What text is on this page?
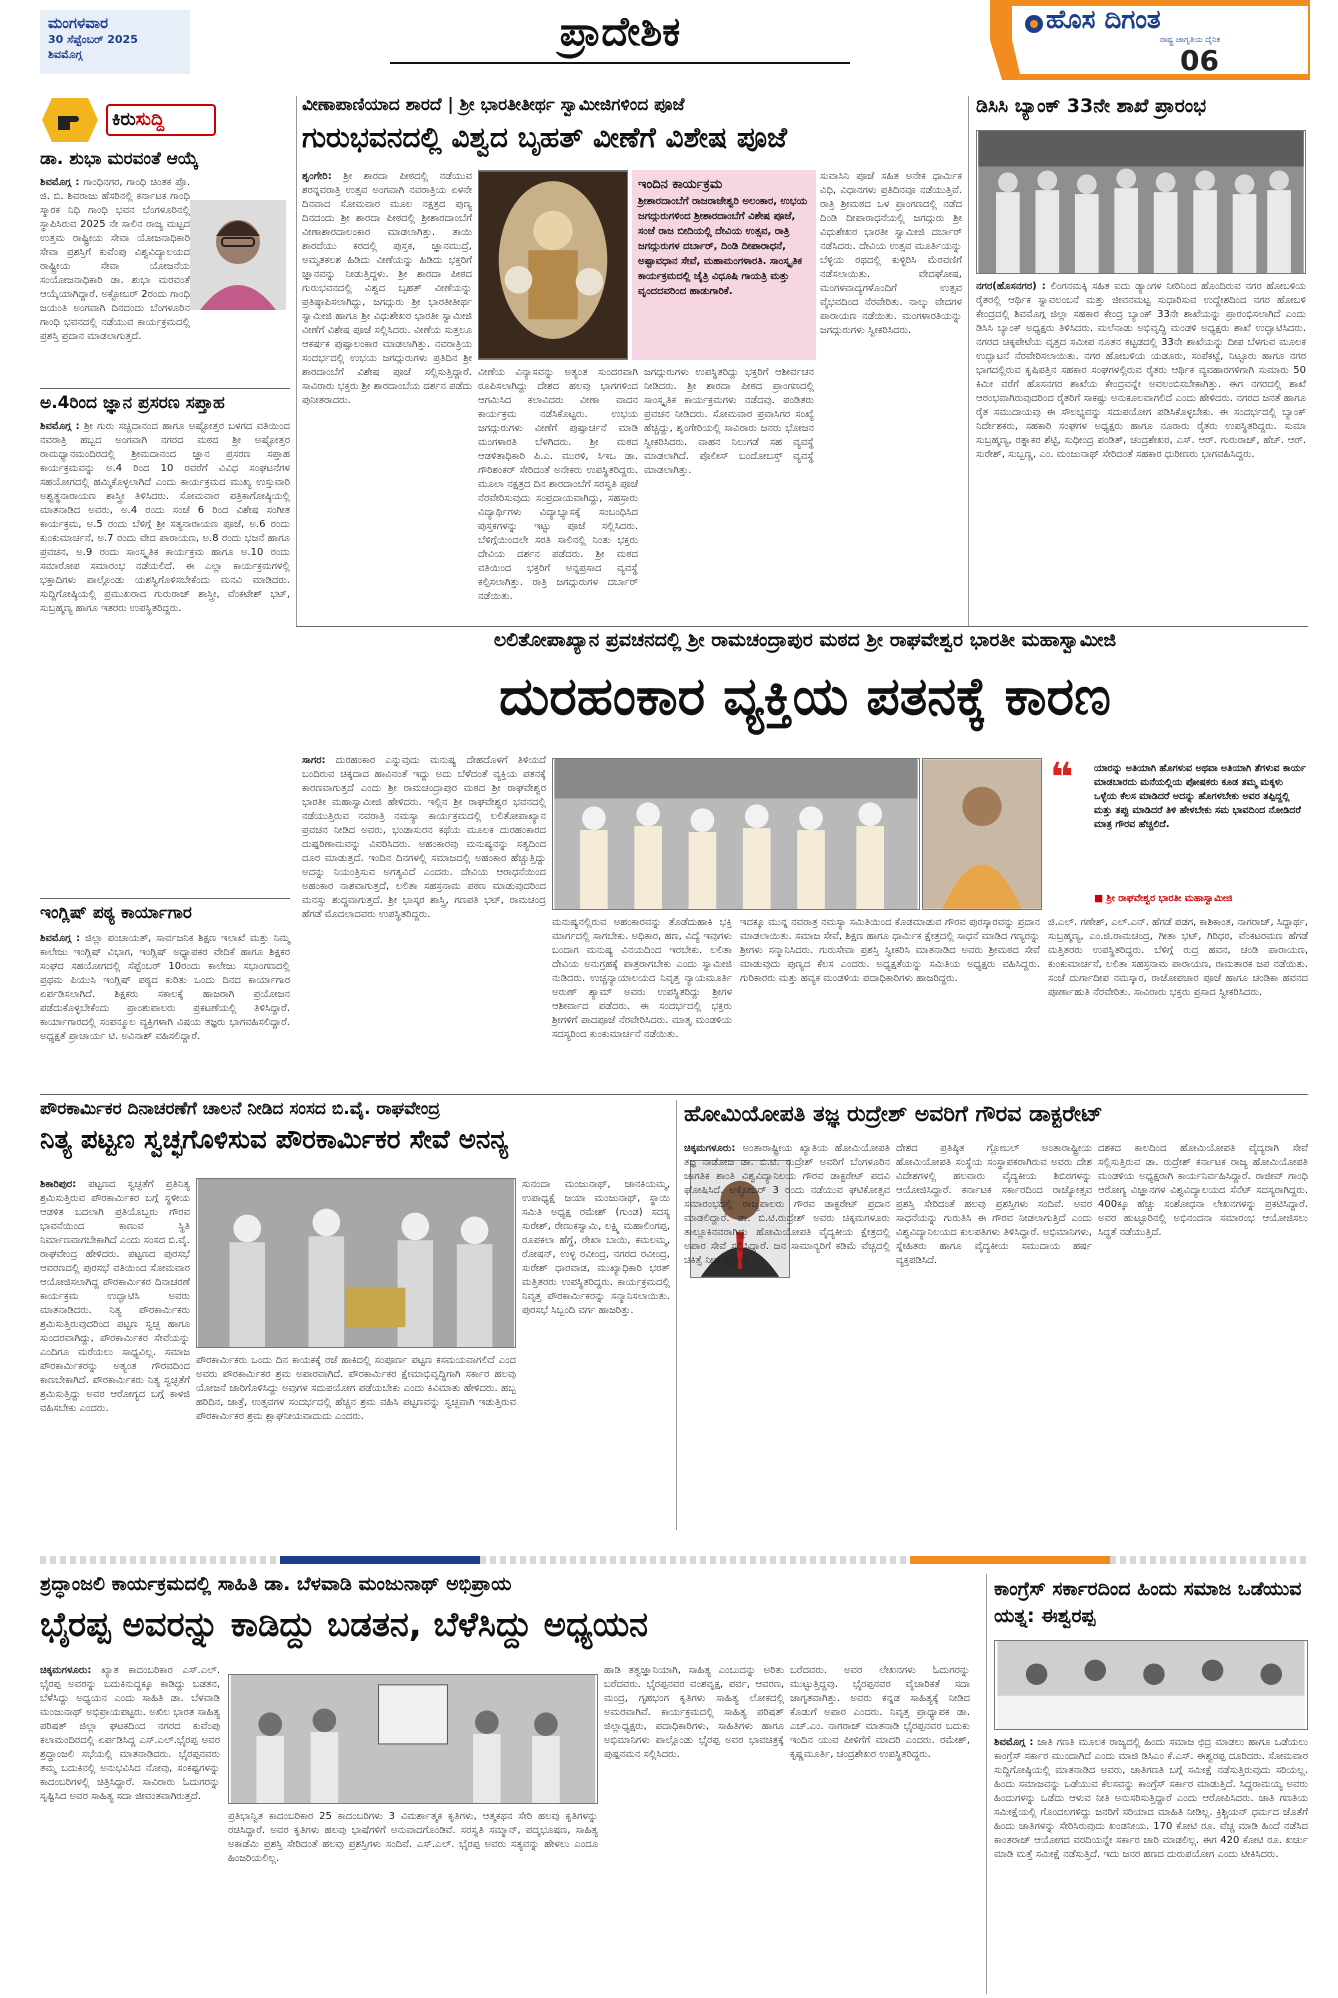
ಮಂಗಳವಾರ
30 ಸೆಪ್ಟೆಂಬರ್ 2025
ಶಿವಮೊಗ್ಗ	ಪ್ರಾದೇಶಿಕ	ಹೊಸ ದಿಗಂತ
ರಾಷ್ಟ್ರ ಜಾಗೃತಿಯ ದೈನಿಕ
06
ಕಿರುಸುದ್ದಿ
ಡಾ. ಶುಭಾ ಮರವಂತೆ ಆಯ್ಕೆ
ಶಿವಮೊಗ್ಗ : ಗಾಂಧಿನಗರ, ಗಾಂಧಿ ಚಿಂತಕ ಪ್ರೊ. ಜಿ. ಬಿ. ಶಿವರಾಜು ಹೆಸರಿನಲ್ಲಿ ಕರ್ನಾಟಕ ಗಾಂಧಿ ಸ್ಮಾರಕ ನಿಧಿ ಗಾಂಧಿ ಭವನ ಬೆಂಗಳೂರಿನಲ್ಲಿ ಸ್ಥಾಪಿಸಿರುವ 2025 ನೇ ಸಾಲಿನ ರಾಜ್ಯ ಮಟ್ಟದ ಉತ್ತಮ ರಾಷ್ಟ್ರೀಯ ಸೇವಾ ಯೋಜನಾಧಿಕಾರಿ ಸೇವಾ ಪ್ರಶಸ್ತಿಗೆ ಕುವೆಂಪು ವಿಶ್ವವಿದ್ಯಾಲಯದ ರಾಷ್ಟ್ರೀಯ ಸೇವಾ ಯೋಜನೆಯ ಸಂಯೋಜನಾಧಿಕಾರಿ ಡಾ. ಶುಭಾ ಮರವಂತೆ ಆಯ್ಕೆಯಾಗಿದ್ದಾರೆ. ಅಕ್ಟೋಬರ್ 2ರಂದು ಗಾಂಧಿ ಜಯಂತಿ ಅಂಗವಾಗಿ ದಿನದಂದು ಬೆಂಗಳೂರಿನ ಗಾಂಧಿ ಭವನದಲ್ಲಿ ನಡೆಯುವ ಕಾರ್ಯಕ್ರಮದಲ್ಲಿ ಪ್ರಶಸ್ತಿ ಪ್ರದಾನ ಮಾಡಲಾಗುತ್ತದೆ.
ಅ.4ರಿಂದ ಜ್ಞಾನ ಪ್ರಸರಣ ಸಪ್ತಾಹ
ಶಿವಮೊಗ್ಗ : ಶ್ರೀ ಗುರು ಸಚ್ಚಿದಾನಂದ ಹಾಗೂ ಅಷ್ಟೋತ್ತರ ಬಳಗದ ವತಿಯಿಂದ ನವರಾತ್ರಿ ಹಬ್ಬದ ಅಂಗವಾಗಿ ನಗರದ ಮಠದ ಶ್ರೀ ಅಷ್ಟೋತ್ತರ ರಾಮಧ್ಯಾನಮಂದಿರದಲ್ಲಿ ಶ್ರೀಮದಾನಂದ ಜ್ಞಾನ ಪ್ರಸರಣ ಸಪ್ತಾಹ ಕಾರ್ಯಕ್ರಮವನ್ನು ಅ.4 ರಿಂದ 10 ರವರೆಗೆ ವಿವಿಧ ಸಂಘಟನೆಗಳ ಸಹಯೋಗದಲ್ಲಿ ಹಮ್ಮಿಕೊಳ್ಳಲಾಗಿದೆ ಎಂದು ಕಾರ್ಯಕ್ರಮದ ಮುಖ್ಯ ಉಸ್ತುವಾರಿ ಅಶ್ವತ್ಥನಾರಾಯಣ ಶಾಸ್ತ್ರೀ ತಿಳಿಸಿದರು. ಸೋಮವಾರ ಪತ್ರಿಕಾಗೋಷ್ಠಿಯಲ್ಲಿ ಮಾತನಾಡಿದ ಅವರು, ಅ.4 ರಂದು ಸಂಜೆ 6 ರಿಂದ ವಿಶೇಷ ಸಂಗೀತ ಕಾರ್ಯಕ್ರಮ, ಅ.5 ರಂದು ಬೆಳಿಗ್ಗೆ ಶ್ರೀ ಸತ್ಯನಾರಾಯಣ ಪೂಜೆ, ಅ.6 ರಂದು ಕುಂಕುಮಾರ್ಚನೆ, ಅ.7 ರಂದು ವೇದ ಪಾರಾಯಣ, ಅ.8 ರಂದು ಭಜನೆ ಹಾಗೂ ಪ್ರವಚನ, ಅ.9 ರಂದು ಸಾಂಸ್ಕೃತಿಕ ಕಾರ್ಯಕ್ರಮ ಹಾಗೂ ಅ.10 ರಂದು ಸಮಾರೋಪ ಸಮಾರಂಭ ನಡೆಯಲಿದೆ. ಈ ಎಲ್ಲಾ ಕಾರ್ಯಕ್ರಮಗಳಲ್ಲಿ ಭಕ್ತಾದಿಗಳು ಪಾಲ್ಗೊಂಡು ಯಶಸ್ವಿಗೊಳಿಸಬೇಕೆಂದು ಮನವಿ ಮಾಡಿದರು. ಸುದ್ದಿಗೋಷ್ಠಿಯಲ್ಲಿ ಪ್ರಮುಖರಾದ ಗುರುರಾಜ್ ಶಾಸ್ತ್ರೀ, ವೆಂಕಟೇಶ್ ಭಟ್, ಸುಬ್ರಹ್ಮಣ್ಯ ಹಾಗೂ ಇತರರು ಉಪಸ್ಥಿತರಿದ್ದರು.
ಇಂಗ್ಲಿಷ್ ಪಠ್ಯ ಕಾರ್ಯಾಗಾರ
ಶಿವಮೊಗ್ಗ : ಜಿಲ್ಲಾ ಪಂಚಾಯತ್, ಸಾರ್ವಜನಿಕ ಶಿಕ್ಷಣ ಇಲಾಖೆ ಮತ್ತು ನಿಮ್ಮ ಕಾಲೇಜು ಇಂಗ್ಲಿಷ್ ವಿಭಾಗ, ಇಂಗ್ಲಿಷ್ ಅಧ್ಯಾಪಕರ ವೇದಿಕೆ ಹಾಗೂ ಶಿಕ್ಷಕರ ಸಂಘದ ಸಹಯೋಗದಲ್ಲಿ ಸೆಪ್ಟೆಂಬರ್ 10ರಂದು ಕಾಲೇಜು ಸಭಾಂಗಣದಲ್ಲಿ ಪ್ರಥಮ ಪಿಯುಸಿ ಇಂಗ್ಲಿಷ್ ಪಠ್ಯದ ಕುರಿತು ಒಂದು ದಿನದ ಕಾರ್ಯಾಗಾರ ಏರ್ಪಡಿಸಲಾಗಿದೆ. ಶಿಕ್ಷಕರು ಸಕಾಲಕ್ಕೆ ಹಾಜರಾಗಿ ಪ್ರಯೋಜನ ಪಡೆದುಕೊಳ್ಳಬೇಕೆಂದು ಪ್ರಾಂಶುಪಾಲರು ಪ್ರಕಟಣೆಯಲ್ಲಿ ತಿಳಿಸಿದ್ದಾರೆ. ಕಾರ್ಯಾಗಾರದಲ್ಲಿ ಸಂಪನ್ಮೂಲ ವ್ಯಕ್ತಿಗಳಾಗಿ ವಿಷಯ ತಜ್ಞರು ಭಾಗವಹಿಸಲಿದ್ದಾರೆ. ಅಧ್ಯಕ್ಷತೆ ಪ್ರಾಚಾರ್ಯ ಟಿ. ಅವಿನಾಶ್ ವಹಿಸಲಿದ್ದಾರೆ.
ವೀಣಾಪಾಣಿಯಾದ ಶಾರದೆ | ಶ್ರೀ ಭಾರತೀತೀರ್ಥ ಸ್ವಾಮೀಜಿಗಳಿಂದ ಪೂಜೆ
ಗುರುಭವನದಲ್ಲಿ ವಿಶ್ವದ ಬೃಹತ್ ವೀಣೆಗೆ ವಿಶೇಷ ಪೂಜೆ
ಶೃಂಗೇರಿ: ಶ್ರೀ ಶಾರದಾ ಪೀಠದಲ್ಲಿ ನಡೆಯುವ ಶರನ್ನವರಾತ್ರಿ ಉತ್ಸವ ಅಂಗವಾಗಿ ನವರಾತ್ರಿಯ ಏಳನೇ ದಿನವಾದ ಸೋಮವಾರ ಮೂಲ ನಕ್ಷತ್ರದ ಪುಣ್ಯ ದಿನದಂದು ಶ್ರೀ ಶಾರದಾ ಪೀಠದಲ್ಲಿ ಶ್ರೀಶಾರದಾಂಬೆಗೆ ವೀಣಾಶಾರದಾಲಂಕಾರ ಮಾಡಲಾಗಿತ್ತು. ತಾಯಿ ಶಾರದೆಯು ಕರದಲ್ಲಿ ಪುಸ್ತಕ, ಜ್ಞಾನಮುದ್ರೆ, ಅಮೃತಕಲಶ ಹಿಡಿದು ವೀಣೆಯನ್ನು ಹಿಡಿದು ಭಕ್ತರಿಗೆ ಜ್ಞಾನವನ್ನು ನೀಡುತ್ತಿದ್ದಳು. ಶ್ರೀ ಶಾರದಾ ಪೀಠದ ಗುರುಭವನದಲ್ಲಿ ವಿಶ್ವದ ಬೃಹತ್ ವೀಣೆಯನ್ನು ಪ್ರತಿಷ್ಠಾಪಿಸಲಾಗಿದ್ದು, ಜಗದ್ಗುರು ಶ್ರೀ ಭಾರತೀತೀರ್ಥ ಸ್ವಾಮೀಜಿ ಹಾಗೂ ಶ್ರೀ ವಿಧುಶೇಖರ ಭಾರತೀ ಸ್ವಾಮೀಜಿ ವೀಣೆಗೆ ವಿಶೇಷ ಪೂಜೆ ಸಲ್ಲಿಸಿದರು. ವೀಣೆಯ ಸುತ್ತಲೂ ಆಕರ್ಷಕ ಪುಷ್ಪಾಲಂಕಾರ ಮಾಡಲಾಗಿತ್ತು. ನವರಾತ್ರಿಯ ಸಂದರ್ಭದಲ್ಲಿ ಉಭಯ ಜಗದ್ಗುರುಗಳು ಪ್ರತಿದಿನ ಶ್ರೀ ಶಾರದಾಂಬೆಗೆ ವಿಶೇಷ ಪೂಜೆ ಸಲ್ಲಿಸುತ್ತಿದ್ದಾರೆ. ಸಾವಿರಾರು ಭಕ್ತರು ಶ್ರೀ ಶಾರದಾಂಬೆಯ ದರ್ಶನ ಪಡೆದು ಪುನೀತರಾದರು.
ಇಂದಿನ ಕಾರ್ಯಕ್ರಮ
ಶ್ರೀಶಾರದಾಂಬೆಗೆ ರಾಜರಾಜೇಶ್ವರಿ ಅಲಂಕಾರ, ಉಭಯ ಜಗದ್ಗುರುಗಳಿಂದ ಶ್ರೀಶಾರದಾಂಬೆಗೆ ವಿಶೇಷ ಪೂಜೆ, ಸಂಜೆ ರಾಜ ಬೀದಿಯಲ್ಲಿ ದೇವಿಯ ಉತ್ಸವ, ರಾತ್ರಿ ಜಗದ್ಗುರುಗಳ ದರ್ಬಾರ್, ದಿಂಡಿ ದೀಪಾರಾಧನೆ, ಅಷ್ಟಾವಧಾನ ಸೇವೆ, ಮಹಾಮಂಗಳಾರತಿ. ಸಾಂಸ್ಕೃತಿಕ ಕಾರ್ಯಕ್ರಮದಲ್ಲಿ ಚೈತ್ರಿ ವಿಧೂಷಿ ಗಾಯತ್ರಿ ಮತ್ತು ವೃಂದದವರಿಂದ ಹಾಡುಗಾರಿಕೆ.
ವೀಣೆಯ ವಿನ್ಯಾಸವನ್ನು ಅತ್ಯಂತ ಸುಂದರವಾಗಿ ರೂಪಿಸಲಾಗಿದ್ದು ದೇಶದ ಹಲವು ಭಾಗಗಳಿಂದ ಆಗಮಿಸಿದ ಕಲಾವಿದರು ವೀಣಾ ವಾದನ ಕಾರ್ಯಕ್ರಮ ನಡೆಸಿಕೊಟ್ಟರು. ಉಭಯ ಜಗದ್ಗುರುಗಳು ವೀಣೆಗೆ ಪುಷ್ಪಾರ್ಚನೆ ಮಾಡಿ ಮಂಗಳಾರತಿ ಬೆಳಗಿದರು. ಶ್ರೀ ಮಠದ ಆಡಳಿತಾಧಿಕಾರಿ ಪಿ.ಎ. ಮುರಳಿ, ಸಿಇಒ ಡಾ. ಗೌರಿಶಂಕರ್ ಸೇರಿದಂತೆ ಅನೇಕರು ಉಪಸ್ಥಿತರಿದ್ದರು. ಮೂಲಾ ನಕ್ಷತ್ರದ ದಿನ ಶಾರದಾಂಬೆಗೆ ಸರಸ್ವತಿ ಪೂಜೆ ನೆರವೇರಿಸುವುದು ಸಂಪ್ರದಾಯವಾಗಿದ್ದು, ಸಹಸ್ರಾರು ವಿದ್ಯಾರ್ಥಿಗಳು ವಿದ್ಯಾಭ್ಯಾಸಕ್ಕೆ ಸಂಬಂಧಿಸಿದ ಪುಸ್ತಕಗಳನ್ನು ಇಟ್ಟು ಪೂಜೆ ಸಲ್ಲಿಸಿದರು. ಬೆಳಿಗ್ಗೆಯಿಂದಲೇ ಸರತಿ ಸಾಲಿನಲ್ಲಿ ನಿಂತು ಭಕ್ತರು ದೇವಿಯ ದರ್ಶನ ಪಡೆದರು. ಶ್ರೀ ಮಠದ ವತಿಯಿಂದ ಭಕ್ತರಿಗೆ ಅನ್ನಪ್ರಸಾದ ವ್ಯವಸ್ಥೆ ಕಲ್ಪಿಸಲಾಗಿತ್ತು. ರಾತ್ರಿ ಜಗದ್ಗುರುಗಳ ದರ್ಬಾರ್ ನಡೆಯಿತು.
ಸುವಾಸಿನಿ ಪೂಜೆ ಸಹಿತ ಅನೇಕ ಧಾರ್ಮಿಕ ವಿಧಿ, ವಿಧಾನಗಳು ಪ್ರತಿದಿನವೂ ನಡೆಯುತ್ತಿವೆ. ರಾತ್ರಿ ಶ್ರೀಮಠದ ಒಳ ಪ್ರಾಂಗಣದಲ್ಲಿ ನಡೆದ ದಿಂಡಿ ದೀಪಾರಾಧನೆಯಲ್ಲಿ ಜಗದ್ಗುರು ಶ್ರೀ ವಿಧುಶೇಖರ ಭಾರತೀ ಸ್ವಾಮೀಜಿ ದರ್ಬಾರ್ ನಡೆಸಿದರು. ದೇವಿಯ ಉತ್ಸವ ಮೂರ್ತಿಯನ್ನು ಬೆಳ್ಳಿಯ ರಥದಲ್ಲಿ ಕುಳ್ಳಿರಿಸಿ ಮೆರವಣಿಗೆ ನಡೆಸಲಾಯಿತು. ವೇದಘೋಷ, ಮಂಗಳವಾದ್ಯಗಳೊಂದಿಗೆ ಉತ್ಸವ ವೈಭವದಿಂದ ನೆರವೇರಿತು. ನಾಲ್ಕು ವೇದಗಳ ಪಾರಾಯಣ ನಡೆಯಿತು. ಮಂಗಳಾರತಿಯನ್ನು ಜಗದ್ಗುರುಗಳು ಸ್ವೀಕರಿಸಿದರು.
ಜಗದ್ಗುರುಗಳು ಉಪಸ್ಥಿತರಿದ್ದು ಭಕ್ತರಿಗೆ ಆಶೀರ್ವಚನ ನೀಡಿದರು. ಶ್ರೀ ಶಾರದಾ ಪೀಠದ ಪ್ರಾಂಗಣದಲ್ಲಿ ಸಾಂಸ್ಕೃತಿಕ ಕಾರ್ಯಕ್ರಮಗಳು ನಡೆದವು. ಪಂಡಿತರು ಪ್ರವಚನ ನೀಡಿದರು. ಸೋಮವಾರ ಪ್ರವಾಸಿಗರ ಸಂಖ್ಯೆ ಹೆಚ್ಚಿದ್ದು, ಶೃಂಗೇರಿಯಲ್ಲಿ ಸಾವಿರಾರು ಜನರು ಭೋಜನ ಸ್ವೀಕರಿಸಿದರು. ವಾಹನ ನಿಲುಗಡೆ ಸಹ ವ್ಯವಸ್ಥೆ ಮಾಡಲಾಗಿದೆ. ಪೊಲೀಸ್ ಬಂದೋಬಸ್ತ್ ವ್ಯವಸ್ಥೆ ಮಾಡಲಾಗಿತ್ತು.
ಡಿಸಿಸಿ ಬ್ಯಾಂಕ್ 33ನೇ ಶಾಖೆ ಪ್ರಾರಂಭ
ನಗರ(ಹೊಸನಗರ) : ಲಿಂಗನಮಕ್ಕಿ ಸಹಿತ ಐದು ಡ್ಯಾಂಗಳ ನೀರಿನಿಂದ ಹೊಂದಿರುವ ನಗರ ಹೋಬಳಿಯ ರೈತರಲ್ಲಿ ಆರ್ಥಿಕ ಸ್ವಾವಲಂಬನೆ ಮತ್ತು ಜೀವನಮಟ್ಟ ಸುಧಾರಿಸುವ ಉದ್ದೇಶದಿಂದ ನಗರ ಹೋಬಳಿ ಕೇಂದ್ರದಲ್ಲಿ ಶಿವಮೊಗ್ಗ ಜಿಲ್ಲಾ ಸಹಕಾರ ಕೇಂದ್ರ ಬ್ಯಾಂಕ್ 33ನೇ ಶಾಖೆಯನ್ನು ಪ್ರಾರಂಭಿಸಲಾಗಿದೆ ಎಂದು ಡಿಸಿಸಿ ಬ್ಯಾಂಕ್ ಅಧ್ಯಕ್ಷರು ತಿಳಿಸಿದರು. ಮಲೆನಾಡು ಅಭಿವೃದ್ಧಿ ಮಂಡಳಿ ಅಧ್ಯಕ್ಷರು ಶಾಖೆ ಉದ್ಘಾಟಿಸಿದರು. ನಗರದ ಚಿಕ್ಕಪೇಟೆಯ ವೃತ್ತದ ಸಮೀಪ ನೂತನ ಕಟ್ಟಡದಲ್ಲಿ 33ನೇ ಶಾಖೆಯನ್ನು ದೀಪ ಬೆಳಗುವ ಮೂಲಕ ಉದ್ಘಾಟನೆ ನೆರವೇರಿಸಲಾಯಿತು. ನಗರ ಹೋಬಳಿಯ ಯಡೂರು, ಸಂಪೆಕಟ್ಟೆ, ನಿಟ್ಟೂರು ಹಾಗೂ ನಗರ ಭಾಗದಲ್ಲಿರುವ ಕೃಷಿಪತ್ತಿನ ಸಹಕಾರ ಸಂಘಗಳಲ್ಲಿರುವ ರೈತರು ಆರ್ಥಿಕ ವ್ಯವಹಾರಗಳಿಗಾಗಿ ಸುಮಾರು 50 ಕಿಮೀ ವರೆಗೆ ಹೊಸನಗರ ಶಾಖೆಯ ಕೇಂದ್ರವನ್ನೇ ಅವಲಂಬಿಸಬೇಕಾಗಿತ್ತು. ಈಗ ನಗರದಲ್ಲಿ ಶಾಖೆ ಆರಂಭವಾಗಿರುವುದರಿಂದ ರೈತರಿಗೆ ಸಾಕಷ್ಟು ಅನುಕೂಲವಾಗಲಿದೆ ಎಂದು ಹೇಳಿದರು. ನಗರದ ಜನತೆ ಹಾಗೂ ರೈತ ಸಮುದಾಯವು ಈ ಸೌಲಭ್ಯವನ್ನು ಸದುಪಯೋಗ ಪಡಿಸಿಕೊಳ್ಳಬೇಕು. ಈ ಸಂದರ್ಭದಲ್ಲಿ ಬ್ಯಾಂಕ್ ನಿರ್ದೇಶಕರು, ಸಹಕಾರಿ ಸಂಘಗಳ ಅಧ್ಯಕ್ಷರು ಹಾಗೂ ನೂರಾರು ರೈತರು ಉಪಸ್ಥಿತರಿದ್ದರು. ಸುಮಾ ಸುಬ್ರಹ್ಮಣ್ಯ, ರತ್ನಾಕರ ಶೆಟ್ಟಿ, ಸುಧೀಂದ್ರ ಪಂಡಿತ್, ಚಂದ್ರಶೇಖರ, ಎಸ್. ಆರ್. ಗುರುರಾಜ್, ಹೆಚ್. ಆರ್. ಸುರೇಶ್, ಸುಬ್ಬಣ್ಣ, ಎಂ. ಮಂಜುನಾಥ್ ಸೇರಿದಂತೆ ಸಹಕಾರ ಧುರೀಣರು ಭಾಗವಹಿಸಿದ್ದರು.
ಲಲಿತೋಪಾಖ್ಯಾನ ಪ್ರವಚನದಲ್ಲಿ ಶ್ರೀ ರಾಮಚಂದ್ರಾಪುರ ಮಠದ ಶ್ರೀ ರಾಘವೇಶ್ವರ ಭಾರತೀ ಮಹಾಸ್ವಾಮೀಜಿ
ದುರಹಂಕಾರ ವ್ಯಕ್ತಿಯ ಪತನಕ್ಕೆ ಕಾರಣ
ಸಾಗರ: ದುರಹಂಕಾರ ಎನ್ನುವುದು ಮನುಷ್ಯ ದೇಹದೊಳಗೆ ತಿಳಿಯದೆ ಬಂದಿರುವ ಚಿಕ್ಕದಾದ ಹಾವಿನಂತೆ ಇದ್ದು ಅದು ಬೆಳೆದಂತೆ ವ್ಯಕ್ತಿಯ ಪತನಕ್ಕೆ ಕಾರಣವಾಗುತ್ತದೆ ಎಂದು ಶ್ರೀ ರಾಮಚಂದ್ರಾಪುರ ಮಠದ ಶ್ರೀ ರಾಘವೇಶ್ವರ ಭಾರತೀ ಮಹಾಸ್ವಾಮೀಜಿ ಹೇಳಿದರು. ಇಲ್ಲಿನ ಶ್ರೀ ರಾಘವೇಶ್ವರ ಭವನದಲ್ಲಿ ನಡೆಯುತ್ತಿರುವ ನವರಾತ್ರಿ ನಮಸ್ಯಾ ಕಾರ್ಯಕ್ರಮದಲ್ಲಿ ಲಲಿತೋಪಾಖ್ಯಾನ ಪ್ರವಚನ ನೀಡಿದ ಅವರು, ಭಂಡಾಸುರನ ಕಥೆಯ ಮೂಲಕ ದುರಹಂಕಾರದ ದುಷ್ಪರಿಣಾಮವನ್ನು ವಿವರಿಸಿದರು. ಅಹಂಕಾರವು ಮನುಷ್ಯನನ್ನು ಸತ್ಯದಿಂದ ದೂರ ಮಾಡುತ್ತದೆ. ಇಂದಿನ ದಿನಗಳಲ್ಲಿ ಸಮಾಜದಲ್ಲಿ ಅಹಂಕಾರ ಹೆಚ್ಚುತ್ತಿದ್ದು ಅದನ್ನು ನಿಯಂತ್ರಿಸುವ ಅಗತ್ಯವಿದೆ ಎಂದರು. ದೇವಿಯ ಆರಾಧನೆಯಿಂದ ಅಹಂಕಾರ ನಾಶವಾಗುತ್ತದೆ, ಲಲಿತಾ ಸಹಸ್ರನಾಮ ಪಠಣ ಮಾಡುವುದರಿಂದ ಮನಸ್ಸು ಶುದ್ಧವಾಗುತ್ತದೆ. ಶ್ರೀ ಭಾಸ್ಕರ ಶಾಸ್ತ್ರಿ, ಗಣಪತಿ ಭಟ್, ರಾಮಚಂದ್ರ ಹೆಗಡೆ ಮೊದಲಾದವರು ಉಪಸ್ಥಿತರಿದ್ದರು.
❝ ಯಾರನ್ನು ಅತಿಯಾಗಿ ಹೊಗಳುವ ಅಥವಾ ಅತಿಯಾಗಿ ತೆಗಳುವ ಕಾರ್ಯ ಮಾಡಬಾರದು ಮನೆಯಲ್ಲಿಯ ಪೋಷಕರು ಕೂಡ ತಮ್ಮ ಮಕ್ಕಳು ಒಳ್ಳೆಯ ಕೆಲಸ ಮಾಡಿದರೆ ಅದನ್ನು ಹೊಗಳಬೇಕು ಅವರ ತಪ್ಪಿದ್ದಲ್ಲಿ ಮತ್ತು ತಪ್ಪು ಮಾಡಿದರೆ ತಿಳಿ ಹೇಳಬೇಕು ಸಮ ಭಾವದಿಂದ ನೋಡಿದರೆ ಮಾತ್ರ ಗೌರವ ಹೆಚ್ಚಲಿದೆ.
■ ಶ್ರೀ ರಾಘವೇಶ್ವರ ಭಾರತೀ ಮಹಾಸ್ವಾಮೀಜಿ
ಮನುಷ್ಯನಲ್ಲಿರುವ ಅಹಂಕಾರವನ್ನು ತೊಡೆದುಹಾಕಿ ಭಕ್ತಿ ಮಾರ್ಗದಲ್ಲಿ ಸಾಗಬೇಕು. ಅಧಿಕಾರ, ಹಣ, ವಿದ್ಯೆ ಇವುಗಳು ಬಂದಾಗ ಮನುಷ್ಯ ವಿನಯದಿಂದ ಇರಬೇಕು. ಲಲಿತಾ ದೇವಿಯ ಅನುಗ್ರಹಕ್ಕೆ ಪಾತ್ರರಾಗಬೇಕು ಎಂದು ಸ್ವಾಮೀಜಿ ನುಡಿದರು. ಉಚ್ಚನ್ಯಾಯಾಲಯದ ನಿವೃತ್ತ ನ್ಯಾಯಮೂರ್ತಿ ಅರುಣ್ ಶ್ಯಾಮ್ ಅವರು ಉಪಸ್ಥಿತರಿದ್ದು ಶ್ರೀಗಳ ಆಶೀರ್ವಾದ ಪಡೆದರು. ಈ ಸಂದರ್ಭದಲ್ಲಿ ಭಕ್ತರು ಶ್ರೀಗಳಿಗೆ ಪಾದಪೂಜೆ ನೆರವೇರಿಸಿದರು. ಮಾತೃ ಮಂಡಳಿಯ ಸದಸ್ಯರಿಂದ ಕುಂಕುಮಾರ್ಚನೆ ನಡೆಯಿತು.
ಇದಕ್ಕೂ ಮುನ್ನ ನವರಾತ್ರ ನಮಸ್ಯಾ ಸಮಿತಿಯಿಂದ ಕೊಡಮಾಡುವ ಗೌರವ ಪುರಸ್ಕಾರವನ್ನು ಪ್ರದಾನ ಮಾಡಲಾಯಿತು. ಸಮಾಜ ಸೇವೆ, ಶಿಕ್ಷಣ ಹಾಗೂ ಧಾರ್ಮಿಕ ಕ್ಷೇತ್ರದಲ್ಲಿ ಸಾಧನೆ ಮಾಡಿದ ಗಣ್ಯರನ್ನು ಶ್ರೀಗಳು ಸನ್ಮಾನಿಸಿದರು. ಗುರುಸೇವಾ ಪ್ರಶಸ್ತಿ ಸ್ವೀಕರಿಸಿ ಮಾತನಾಡಿದ ಅವರು ಶ್ರೀಮಠದ ಸೇವೆ ಮಾಡುವುದು ಪುಣ್ಯದ ಕೆಲಸ ಎಂದರು. ಅಧ್ಯಕ್ಷತೆಯನ್ನು ಸಮಿತಿಯ ಅಧ್ಯಕ್ಷರು ವಹಿಸಿದ್ದರು. ಗುರಿಕಾರರು ಮತ್ತು ಹವ್ಯಕ ಮಂಡಳಿಯ ಪದಾಧಿಕಾರಿಗಳು ಹಾಜರಿದ್ದರು.
ಜಿ.ಎಲ್. ಗಣೇಶ್, ಎಲ್.ಎನ್. ಹೆಗಡೆ ಪಡಗ, ಕಾಶಿಕಾಂತ, ನಾಗರಾಜ್, ಸಿದ್ದಾರ್ಥ, ಸುಬ್ರಹ್ಮಣ್ಯ, ಎಂ.ಜಿ.ರಾಮಚಂದ್ರ, ಗೀತಾ ಭಟ್, ಗಿರಿಧರ, ವೆಂಕಟರಮಣ ಹೆಗಡೆ ಮತ್ತಿತರರು ಉಪಸ್ಥಿತರಿದ್ದರು. ಬೆಳಿಗ್ಗೆ ರುದ್ರ ಹವನ, ಚಂಡಿ ಪಾರಾಯಣ, ಕುಂಕುಮಾರ್ಚನೆ, ಲಲಿತಾ ಸಹಸ್ರನಾಮ ಪಾರಾಯಣ, ರಾಮತಾರಕ ಜಪ ನಡೆಯಿತು. ಸಂಜೆ ದುರ್ಗಾದೀಪ ನಮಸ್ಕಾರ, ರಾಜೋಪಚಾರ ಪೂಜೆ ಹಾಗೂ ಚಂಡಿಕಾ ಹವನದ ಪೂರ್ಣಾಹುತಿ ನೆರವೇರಿತು. ಸಾವಿರಾರು ಭಕ್ತರು ಪ್ರಸಾದ ಸ್ವೀಕರಿಸಿದರು.
ಪೌರಕಾರ್ಮಿಕರ ದಿನಾಚರಣೆಗೆ ಚಾಲನೆ ನೀಡಿದ ಸಂಸದ ಬಿ.ವೈ. ರಾಘವೇಂದ್ರ
ನಿತ್ಯ ಪಟ್ಟಣ ಸ್ವಚ್ಛಗೊಳಿಸುವ ಪೌರಕಾರ್ಮಿಕರ ಸೇವೆ ಅನನ್ಯ
ಶಿಕಾರಿಪುರ: ಪಟ್ಟಣದ ಸ್ವಚ್ಛತೆಗೆ ಪ್ರತಿನಿತ್ಯ ಶ್ರಮಿಸುತ್ತಿರುವ ಪೌರಕಾರ್ಮಿಕರ ಬಗ್ಗೆ ಸ್ಥಳೀಯ ಆಡಳಿತ ಬದಲಾಗಿ ಪ್ರತಿಯೊಬ್ಬರು ಗೌರವ ಭಾವನೆಯಿಂದ ಕಾಣುವ ಸ್ಥಿತಿ ನಿರ್ಮಾಣವಾಗಬೇಕಾಗಿದೆ ಎಂದು ಸಂಸದ ಬಿ.ವೈ. ರಾಘವೇಂದ್ರ ಹೇಳಿದರು. ಪಟ್ಟಣದ ಪುರಸಭೆ ಆವರಣದಲ್ಲಿ ಪುರಸಭೆ ವತಿಯಿಂದ ಸೋಮವಾರ ಆಯೋಜಿಸಲಾಗಿದ್ದ ಪೌರಕಾರ್ಮಿಕರ ದಿನಾಚರಣೆ ಕಾರ್ಯಕ್ರಮ ಉದ್ಘಾಟಿಸಿ ಅವರು ಮಾತನಾಡಿದರು. ನಿತ್ಯ ಪೌರಕಾರ್ಮಿಕರು ಶ್ರಮಿಸುತ್ತಿರುವುದರಿಂದ ಪಟ್ಟಣ ಸ್ವಚ್ಛ ಹಾಗೂ ಸುಂದರವಾಗಿದ್ದು, ಪೌರಕಾರ್ಮಿಕರ ಸೇವೆಯನ್ನು ಎಂದಿಗೂ ಮರೆಯಲು ಸಾಧ್ಯವಿಲ್ಲ. ಸಮಾಜ ಪೌರಕಾರ್ಮಿಕರನ್ನು ಅತ್ಯಂತ ಗೌರವದಿಂದ ಕಾಣಬೇಕಾಗಿದೆ. ಪೌರಕಾರ್ಮಿಕರು ನಿತ್ಯ ಸ್ವಚ್ಛತೆಗೆ ಶ್ರಮಿಸುತ್ತಿದ್ದು ಅವರ ಆರೋಗ್ಯದ ಬಗ್ಗೆ ಕಾಳಜಿ ವಹಿಸಬೇಕು ಎಂದರು.
ಪೌರಕಾರ್ಮಿಕರು ಒಂದು ದಿನ ಕಾಯಕಕ್ಕೆ ರಜೆ ಹಾಕಿದಲ್ಲಿ ಸಂಪೂರ್ಣ ಪಟ್ಟಣ ಕಸಮಯವಾಗಲಿದೆ ಎಂದ ಅವರು ಪೌರಕಾರ್ಮಿಕರ ಶ್ರಮ ಅಪಾರವಾಗಿದೆ. ಪೌರಕಾರ್ಮಿಕರ ಕ್ಷೇಮಾಭಿವೃದ್ಧಿಗಾಗಿ ಸರ್ಕಾರ ಹಲವು ಯೋಜನೆ ಜಾರಿಗೊಳಿಸಿದ್ದು ಅವುಗಳ ಸದುಪಯೋಗ ಪಡೆಯಬೇಕು ಎಂದು ಕಿವಿಮಾತು ಹೇಳಿದರು. ಹಬ್ಬ ಹರಿದಿನ, ಜಾತ್ರೆ, ಉತ್ಸವಗಳ ಸಂದರ್ಭದಲ್ಲಿ ಹೆಚ್ಚಿನ ಶ್ರಮ ವಹಿಸಿ ಪಟ್ಟಣವನ್ನು ಸ್ವಚ್ಛವಾಗಿ ಇಡುತ್ತಿರುವ ಪೌರಕಾರ್ಮಿಕರ ಶ್ರಮ ಶ್ಲಾಘನೀಯವಾದುದು ಎಂದರು.
ಸುನಂದಾ ಮಂಜುನಾಥ್, ಜಾನಕಿಯಮ್ಮ, ಉಪಾಧ್ಯಕ್ಷೆ ಜಯಾ ಮಂಜುನಾಥ್, ಸ್ಥಾಯಿ ಸಮಿತಿ ಅಧ್ಯಕ್ಷ ರಮೇಶ್ (ಗುಂಡ) ಸದಸ್ಯ ಸುರೇಶ್, ರೇಣುಕಸ್ವಾಮಿ, ಲಕ್ಷ್ಮಿ ಮಹಾಲಿಂಗಪ್ಪ, ರೂಪಕಲಾ ಹೆಗ್ಡೆ, ರೇಖಾ ಬಾಯಿ, ಕಮಲಮ್ಮ, ರೋಷನ್, ಉಳ್ಳ ರವೀಂದ್ರ, ನಗರದ ರವೀಂದ್ರ, ಸುರೇಶ್ ಧಾರವಾಡ, ಮುಖ್ಯಾಧಿಕಾರಿ ಭರತ್ ಮತ್ತಿತರರು ಉಪಸ್ಥಿತರಿದ್ದರು. ಕಾರ್ಯಕ್ರಮದಲ್ಲಿ ನಿವೃತ್ತ ಪೌರಕಾರ್ಮಿಕರನ್ನು ಸನ್ಮಾನಿಸಲಾಯಿತು. ಪುರಸಭೆ ಸಿಬ್ಬಂದಿ ವರ್ಗ ಹಾಜರಿತ್ತು.
ಹೋಮಿಯೋಪತಿ ತಜ್ಞ ರುದ್ರೇಶ್ ಅವರಿಗೆ ಗೌರವ ಡಾಕ್ಟರೇಟ್
ಚಿಕ್ಕಮಗಳೂರು: ಅಂತಾರಾಷ್ಟ್ರೀಯ ಖ್ಯಾತಿಯ ಹೋಮಿಯೋಪತಿ ತಜ್ಞ ನಾಡೋಜ ಡಾ. ಬಿ.ಟಿ. ರುದ್ರೇಶ್ ಅವರಿಗೆ ಬೆಂಗಳೂರಿನ ಜಾಗತಿಕ ಶಾಂತಿ ವಿಶ್ವವಿದ್ಯಾನಿಲಯ ಗೌರವ ಡಾಕ್ಟರೇಟ್ ಪದವಿ ಘೋಷಿಸಿದೆ. ಅಕ್ಟೋಬರ್ 3 ರಂದು ನಡೆಯುವ ಘಟಿಕೋತ್ಸವ ಸಮಾರಂಭದಲ್ಲಿ ರಾಜ್ಯಪಾಲರು ಗೌರವ ಡಾಕ್ಟರೇಟ್ ಪ್ರದಾನ ಮಾಡಲಿದ್ದಾರೆ. ಡಾ. ಬಿ.ಟಿ.ರುದ್ರೇಶ್ ಅವರು ಚಿಕ್ಕಮಗಳೂರು ತಾಲ್ಲೂಕಿನವರಾಗಿದ್ದು ಹೋಮಿಯೋಪತಿ ವೈದ್ಯಕೀಯ ಕ್ಷೇತ್ರದಲ್ಲಿ ಅಪಾರ ಸೇವೆ ಸಲ್ಲಿಸಿದ್ದಾರೆ. ಜನ ಸಾಮಾನ್ಯರಿಗೆ ಕಡಿಮೆ ವೆಚ್ಚದಲ್ಲಿ ಚಿಕಿತ್ಸೆ ನೀಡುತ್ತಿದ್ದಾರೆ.
ದೇಶದ ಪ್ರತಿಷ್ಠಿತ ಗ್ಲೋಬಲ್ ಅಂತಾರಾಷ್ಟ್ರೀಯ ಹೋಮಿಯೋಪತಿ ಸಂಸ್ಥೆಯ ಸಂಸ್ಥಾಪಕರಾಗಿರುವ ಅವರು ದೇಶ ವಿದೇಶಗಳಲ್ಲಿ ಹಲವಾರು ವೈದ್ಯಕೀಯ ಶಿಬಿರಗಳನ್ನು ಆಯೋಜಿಸಿದ್ದಾರೆ. ಕರ್ನಾಟಕ ಸರ್ಕಾರದಿಂದ ರಾಜ್ಯೋತ್ಸವ ಪ್ರಶಸ್ತಿ ಸೇರಿದಂತೆ ಹಲವು ಪ್ರಶಸ್ತಿಗಳು ಸಂದಿವೆ. ಅವರ ಸಾಧನೆಯನ್ನು ಗುರುತಿಸಿ ಈ ಗೌರವ ನೀಡಲಾಗುತ್ತಿದೆ ಎಂದು ವಿಶ್ವವಿದ್ಯಾನಿಲಯದ ಕುಲಪತಿಗಳು ತಿಳಿಸಿದ್ದಾರೆ. ಅಭಿಮಾನಿಗಳು, ಸ್ನೇಹಿತರು ಹಾಗೂ ವೈದ್ಯಕೀಯ ಸಮುದಾಯ ಹರ್ಷ ವ್ಯಕ್ತಪಡಿಸಿದೆ.
ದಶಕದ ಕಾಲದಿಂದ ಹೋಮಿಯೋಪತಿ ವೈದ್ಯರಾಗಿ ಸೇವೆ ಸಲ್ಲಿಸುತ್ತಿರುವ ಡಾ. ರುದ್ರೇಶ್ ಕರ್ನಾಟಕ ರಾಜ್ಯ ಹೋಮಿಯೋಪತಿ ಮಂಡಳಿಯ ಅಧ್ಯಕ್ಷರಾಗಿ ಕಾರ್ಯನಿರ್ವಹಿಸಿದ್ದಾರೆ. ರಾಜೀವ್ ಗಾಂಧಿ ಆರೋಗ್ಯ ವಿಜ್ಞಾನಗಳ ವಿಶ್ವವಿದ್ಯಾಲಯದ ಸೆನೆಟ್ ಸದಸ್ಯರಾಗಿದ್ದರು. 400ಕ್ಕೂ ಹೆಚ್ಚು ಸಂಶೋಧನಾ ಲೇಖನಗಳನ್ನು ಪ್ರಕಟಿಸಿದ್ದಾರೆ. ಅವರ ಹುಟ್ಟೂರಿನಲ್ಲಿ ಅಭಿನಂದನಾ ಸಮಾರಂಭ ಆಯೋಜಿಸಲು ಸಿದ್ಧತೆ ನಡೆಯುತ್ತಿದೆ.
ಶ್ರದ್ಧಾಂಜಲಿ ಕಾರ್ಯಕ್ರಮದಲ್ಲಿ ಸಾಹಿತಿ ಡಾ. ಬೆಳವಾಡಿ ಮಂಜುನಾಥ್ ಅಭಿಪ್ರಾಯ
ಭೈರಪ್ಪ ಅವರನ್ನು ಕಾಡಿದ್ದು ಬಡತನ, ಬೆಳೆಸಿದ್ದು ಅಧ್ಯಯನ
ಚಿಕ್ಕಮಗಳೂರು: ಖ್ಯಾತ ಕಾದಂಬರಿಕಾರ ಎಸ್.ಎಲ್. ಭೈರಪ್ಪ ಅವರನ್ನು ಬದುಕಿನುದ್ದಕ್ಕೂ ಕಾಡಿದ್ದು ಬಡತನ, ಬೆಳೆಸಿದ್ದು ಅಧ್ಯಯನ ಎಂದು ಸಾಹಿತಿ ಡಾ. ಬೆಳವಾಡಿ ಮಂಜುನಾಥ್ ಅಭಿಪ್ರಾಯಪಟ್ಟರು. ಅಖಿಲ ಭಾರತ ಸಾಹಿತ್ಯ ಪರಿಷತ್ ಜಿಲ್ಲಾ ಘಟಕದಿಂದ ನಗರದ ಕುವೆಂಪು ಕಲಾಮಂದಿರದಲ್ಲಿ ಏರ್ಪಡಿಸಿದ್ದ ಎಸ್.ಎಲ್.ಭೈರಪ್ಪ ಅವರ ಶ್ರದ್ಧಾಂಜಲಿ ಸಭೆಯಲ್ಲಿ ಮಾತನಾಡಿದರು. ಭೈರಪ್ಪನವರು ತಮ್ಮ ಬದುಕಿನಲ್ಲಿ ಅನುಭವಿಸಿದ ನೋವು, ಸಂಕಷ್ಟಗಳನ್ನು ಕಾದಂಬರಿಗಳಲ್ಲಿ ಚಿತ್ರಿಸಿದ್ದಾರೆ. ಸಾವಿರಾರು ಓದುಗರನ್ನು ಸೃಷ್ಟಿಸಿದ ಅವರ ಸಾಹಿತ್ಯ ಸದಾ ಜೀವಂತವಾಗಿರುತ್ತದೆ.
ಪ್ರತಿಭಾನ್ವಿತ ಕಾದಂಬರಿಕಾರ 25 ಕಾದಂಬರಿಗಳು 3 ವಿಮರ್ಶಾತ್ಮಕ ಕೃತಿಗಳು, ಆತ್ಮಕಥನ ಸೇರಿ ಹಲವು ಕೃತಿಗಳನ್ನು ರಚಿಸಿದ್ದಾರೆ. ಅವರ ಕೃತಿಗಳು ಹಲವು ಭಾಷೆಗಳಿಗೆ ಅನುವಾದಗೊಂಡಿವೆ. ಸರಸ್ವತಿ ಸಮ್ಮಾನ್, ಪದ್ಮಭೂಷಣ, ಸಾಹಿತ್ಯ ಅಕಾಡೆಮಿ ಪ್ರಶಸ್ತಿ ಸೇರಿದಂತೆ ಹಲವು ಪ್ರಶಸ್ತಿಗಳು ಸಂದಿವೆ. ಎಸ್.ಎಲ್. ಭೈರಪ್ಪ ಅವರು ಸತ್ಯವನ್ನು ಹೇಳಲು ಎಂದೂ ಹಿಂಜರಿಯಲಿಲ್ಲ.
ಹಾಡಿ ತತ್ವಜ್ಞಾನಿಯಾಗಿ, ಸಾಹಿತ್ಯ ಎಂಬುದನ್ನು ಅರಿತು ಬರೆದವರು. ಭೈರಪ್ಪನವರ ವಂಶವೃಕ್ಷ, ಪರ್ವ, ಆವರಣ, ಮಂದ್ರ, ಗೃಹಭಂಗ ಕೃತಿಗಳು ಸಾಹಿತ್ಯ ಲೋಕದಲ್ಲಿ ಅಮರವಾಗಿವೆ. ಕಾರ್ಯಕ್ರಮದಲ್ಲಿ ಸಾಹಿತ್ಯ ಪರಿಷತ್ ಜಿಲ್ಲಾಧ್ಯಕ್ಷರು, ಪದಾಧಿಕಾರಿಗಳು, ಸಾಹಿತಿಗಳು ಹಾಗೂ ಅಭಿಮಾನಿಗಳು ಪಾಲ್ಗೊಂಡು ಭೈರಪ್ಪ ಅವರ ಭಾವಚಿತ್ರಕ್ಕೆ ಪುಷ್ಪನಮನ ಸಲ್ಲಿಸಿದರು.
ಬರೆದವರು. ಅವರ ಲೇಖನಗಳು ಓದುಗರನ್ನು ಮುಟ್ಟುತ್ತಿದ್ದವು. ಭೈರಪ್ಪನವರ ವೈಚಾರಿಕತೆ ಸದಾ ಜಾಗೃತವಾಗಿತ್ತು. ಅವರು ಕನ್ನಡ ಸಾಹಿತ್ಯಕ್ಕೆ ನೀಡಿದ ಕೊಡುಗೆ ಅಪಾರ ಎಂದರು. ನಿವೃತ್ತ ಪ್ರಾಧ್ಯಾಪಕ ಡಾ. ಎಚ್.ಎಂ. ನಾಗರಾಜ್ ಮಾತನಾಡಿ ಭೈರಪ್ಪನವರ ಬದುಕು ಇಂದಿನ ಯುವ ಪೀಳಿಗೆಗೆ ಮಾದರಿ ಎಂದರು. ರಮೇಶ್, ಕೃಷ್ಣಮೂರ್ತಿ, ಚಂದ್ರಶೇಖರ ಉಪಸ್ಥಿತರಿದ್ದರು.
ಕಾಂಗ್ರೆಸ್ ಸರ್ಕಾರದಿಂದ ಹಿಂದು ಸಮಾಜ ಒಡೆಯುವ ಯತ್ನ: ಈಶ್ವರಪ್ಪ
ಶಿವಮೊಗ್ಗ : ಜಾತಿ ಗಣತಿ ಮೂಲಕ ರಾಜ್ಯದಲ್ಲಿ ಹಿಂದು ಸಮಾಜ ಛಿದ್ರ ಮಾಡಲು ಹಾಗೂ ಒಡೆಯಲು ಕಾಂಗ್ರೆಸ್ ಸರ್ಕಾರ ಮುಂದಾಗಿದೆ ಎಂದು ಮಾಜಿ ಡಿಸಿಎಂ ಕೆ.ಎಸ್. ಈಶ್ವರಪ್ಪ ದೂರಿದರು. ಸೋಮವಾರ ಸುದ್ದಿಗೋಷ್ಠಿಯಲ್ಲಿ ಮಾತನಾಡಿದ ಅವರು, ಜಾತಿಗಣತಿ ಬಗ್ಗೆ ಸಮೀಕ್ಷೆ ನಡೆಸುತ್ತಿರುವುದು ಸರಿಯಲ್ಲ. ಹಿಂದು ಸಮಾಜವನ್ನು ಒಡೆಯುವ ಕೆಲಸವನ್ನು ಕಾಂಗ್ರೆಸ್ ಸರ್ಕಾರ ಮಾಡುತ್ತಿದೆ. ಸಿದ್ದರಾಮಯ್ಯ ಅವರು ಹಿಂದುಗಳನ್ನು ಒಡೆದು ಆಳುವ ನೀತಿ ಅನುಸರಿಸುತ್ತಿದ್ದಾರೆ ಎಂದು ಆರೋಪಿಸಿದರು. ಜಾತಿ ಗಣತಿಯ ಸಮೀಕ್ಷೆಯಲ್ಲಿ ಗೊಂದಲಗಳಿದ್ದು ಜನರಿಗೆ ಸರಿಯಾದ ಮಾಹಿತಿ ನೀಡಿಲ್ಲ. ಕ್ರಿಶ್ಚಿಯನ್ ಧರ್ಮದ ಜೊತೆಗೆ ಹಿಂದು ಜಾತಿಗಳನ್ನು ಸೇರಿಸಿರುವುದು ಖಂಡನೀಯ. 170 ಕೋಟಿ ರೂ. ವೆಚ್ಚ ಮಾಡಿ ಹಿಂದೆ ನಡೆಸಿದ ಕಾಂತರಾಜ್ ಆಯೋಗದ ವರದಿಯನ್ನೇ ಸರ್ಕಾರ ಜಾರಿ ಮಾಡಲಿಲ್ಲ. ಈಗ 420 ಕೋಟಿ ರೂ. ಖರ್ಚು ಮಾಡಿ ಮತ್ತೆ ಸಮೀಕ್ಷೆ ನಡೆಸುತ್ತಿದೆ. ಇದು ಜನರ ಹಣದ ದುರುಪಯೋಗ ಎಂದು ಟೀಕಿಸಿದರು.
